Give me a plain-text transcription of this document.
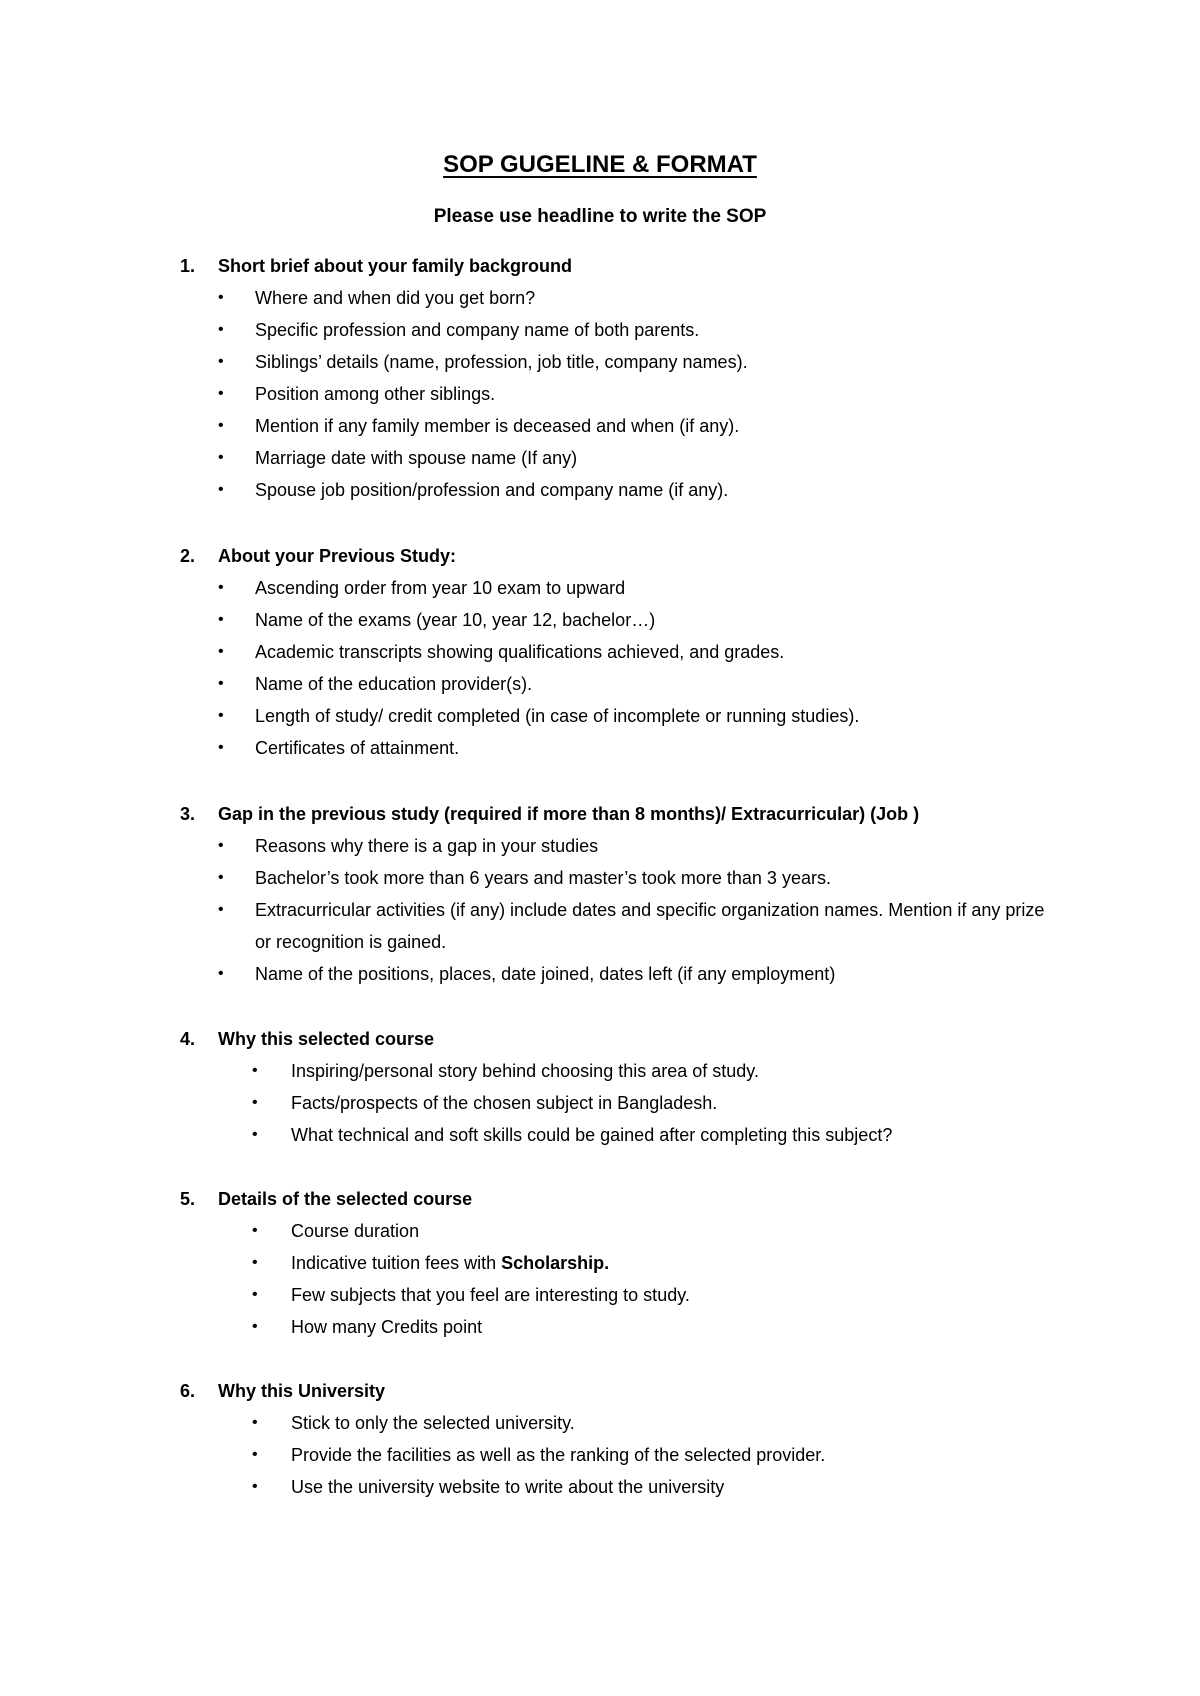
SOP GUGELINE & FORMAT
Please use headline to write the SOP
1. Short brief about your family background
•	Where and when did you get born?
•	Specific profession and company name of both parents.
•	Siblings’ details (name, profession, job title, company names).
•	Position among other siblings.
•	Mention if any family member is deceased and when (if any).
•	Marriage date with spouse name (If any)
•	Spouse job position/profession and company name (if any).
2. About your Previous Study:
•	Ascending order from year 10 exam to upward
•	Name of the exams (year 10, year 12, bachelor…)
•	Academic transcripts showing qualifications achieved, and grades.
•	Name of the education provider(s).
•	Length of study/ credit completed (in case of incomplete or running studies).
•	Certificates of attainment.
3. Gap in the previous study (required if more than 8 months)/ Extracurricular) (Job )
•	Reasons why there is a gap in your studies
•	Bachelor’s took more than 6 years and master’s took more than 3 years.
•	Extracurricular activities (if any) include dates and specific organization names. Mention if any prize or recognition is gained.
•	Name of the positions, places, date joined, dates left (if any employment)
4. Why this selected course
•	Inspiring/personal story behind choosing this area of study.
•	Facts/prospects of the chosen subject in Bangladesh.
•	What technical and soft skills could be gained after completing this subject?
5. Details of the selected course
•	Course duration
•	Indicative tuition fees with Scholarship.
•	Few subjects that you feel are interesting to study.
•	How many Credits point
6. Why this University
•	Stick to only the selected university.
•	Provide the facilities as well as the ranking of the selected provider.
•	Use the university website to write about the university
